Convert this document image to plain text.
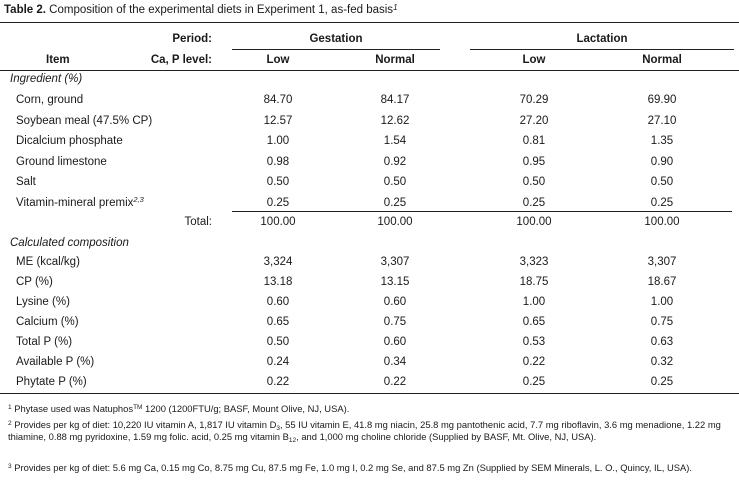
Table 2. Composition of the experimental diets in Experiment 1, as-fed basis$^1$
Period:	Gestation	Lactation
Item	Ca, P level:	Low	Normal	Low	Normal
Ingredient (%)
Corn, ground	84.70	84.17	70.29	69.90
Soybean meal (47.5% CP)	12.57	12.62	27.20	27.10
Dicalcium phosphate	1.00	1.54	0.81	1.35
Ground limestone	0.98	0.92	0.95	0.90
Salt	0.50	0.50	0.50	0.50
Vitamin-mineral premix$^{2,3}$	0.25	0.25	0.25	0.25
Total:	100.00	100.00	100.00	100.00
Calculated composition
ME (kcal/kg)	3,324	3,307	3,323	3,307
CP (%)	13.18	13.15	18.75	18.67
Lysine (%)	0.60	0.60	1.00	1.00
Calcium (%)	0.65	0.75	0.65	0.75
Total P (%)	0.50	0.60	0.53	0.63
Available P (%)	0.24	0.34	0.22	0.32
Phytate P (%)	0.22	0.22	0.25	0.25
$^1$ Phytase used was Natuphos™ 1200 (1200FTU/g; BASF, Mount Olive, NJ, USA).
$^2$ Provides per kg of diet: 10,220 IU vitamin A, 1,817 IU vitamin $D_3$, 55 IU vitamin E, 41.8 mg niacin, 25.8 mg pantothenic acid, 7.7 mg riboflavin, 3.6 mg menadione, 1.22 mg thiamine, 0.88 mg pyridoxine, 1.59 mg folic. acid, 0.25 mg vitamin $B_{12}$, and 1,000 mg choline chloride (Supplied by BASF, Mt. Olive, NJ, USA).
$^3$ Provides per kg of diet: 5.6 mg Ca, 0.15 mg Co, 8.75 mg Cu, 87.5 mg Fe, 1.0 mg I, 0.2 mg Se, and 87.5 mg Zn (Supplied by SEM Minerals, L. O., Quincy, IL, USA).
